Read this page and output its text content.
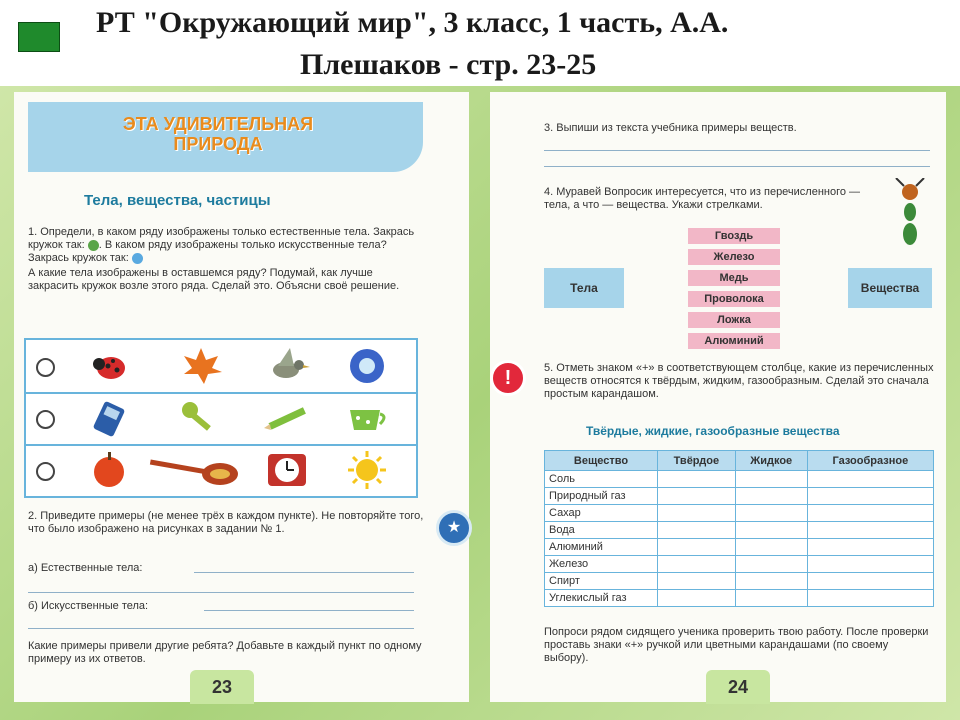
РТ "Окружающий мир", 3 класс, 1 часть, А.А.
Плешаков - стр. 23-25
ЭТА УДИВИТЕЛЬНАЯ ПРИРОДА
Тела, вещества, частицы
1. Определи, в каком ряду изображены только естественные тела. Закрась кружок так: . В каком ряду изображены только искусственные тела? Закрась кружок так:
А какие тела изображены в оставшемся ряду? Подумай, как лучше закрасить кружок возле этого ряда. Сделай это. Объясни своё решение.
2. Приведите примеры (не менее трёх в каждом пункте). Не повторяйте того, что было изображено на рисунках в задании № 1.
а) Естественные тела:
б) Искусственные тела:
Какие примеры привели другие ребята? Добавьте в каждый пункт по одному примеру из их ответов.
23
3. Выпиши из текста учебника примеры веществ.
4. Муравей Вопросик интересуется, что из перечисленного — тела, а что — вещества. Укажи стрелками.
Тела	Вещества
Гвоздь
Железо
Медь
Проволока
Ложка
Алюминий
!	5. Отметь знаком «+» в соответствующем столбце, какие из перечисленных веществ относятся к твёрдым, жидким, газообразным. Сделай это сначала простым карандашом.
Твёрдые, жидкие, газообразные вещества
Вещество	Твёрдое	Жидкое	Газообразное
Соль			
Природный газ			
Сахар			
Вода			
Алюминий			
Железо			
Спирт			
Углекислый газ			
Попроси рядом сидящего ученика проверить твою работу. После проверки проставь знаки «+» ручкой или цветными карандашами (по своему выбору).
24
★
